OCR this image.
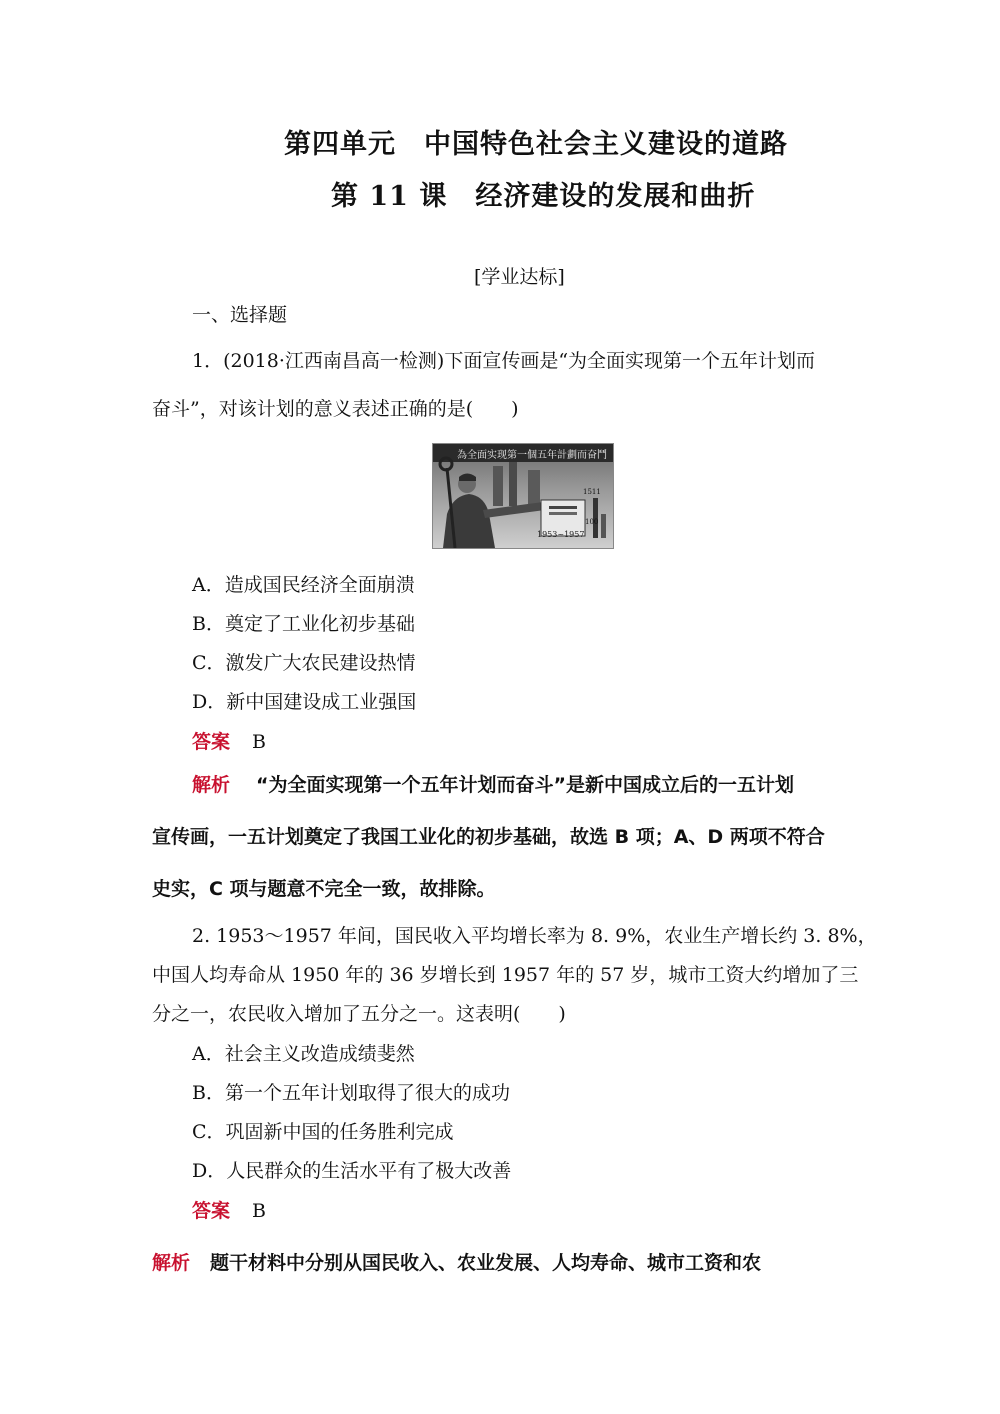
第四单元　中国特色社会主义建设的道路
第 11 课　经济建设的发展和曲折
[学业达标]
一、选择题
1．(2018·江西南昌高一检测)下面宣传画是“为全面实现第一个五年计划而
奋斗”，对该计划的意义表述正确的是(　　)
為全面实现第一個五年計劃而奋鬥
1953~1957
1511
100
A．造成国民经济全面崩溃
B．奠定了工业化初步基础
C．激发广大农民建设热情
D．新中国建设成工业强国
答案 B
解析 “为全面实现第一个五年计划而奋斗”是新中国成立后的一五计划
宣传画，一五计划奠定了我国工业化的初步基础，故选 B 项；A、D 两项不符合
史实，C 项与题意不完全一致，故排除。
2. 1953～1957 年间，国民收入平均增长率为 8. 9%，农业生产增长约 3. 8%，
中国人均寿命从 1950 年的 36 岁增长到 1957 年的 57 岁，城市工资大约增加了三
分之一，农民收入增加了五分之一。这表明(　　)
A．社会主义改造成绩斐然
B．第一个五年计划取得了很大的成功
C．巩固新中国的任务胜利完成
D．人民群众的生活水平有了极大改善
答案 B
解析 题干材料中分别从国民收入、农业发展、人均寿命、城市工资和农
